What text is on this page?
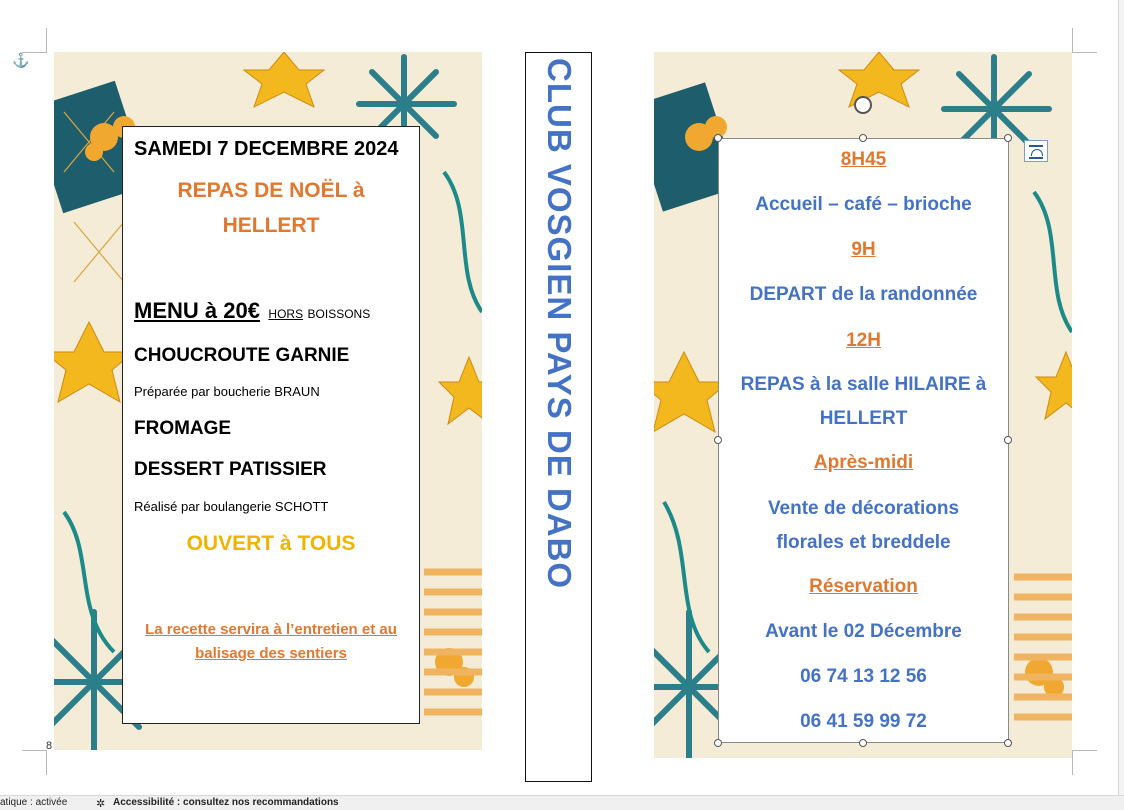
⚓
8
SAMEDI 7 DECEMBRE 2024
REPAS DE NOËL à
HELLERT
MENU à 20€ HORS BOISSONS
CHOUCROUTE GARNIE
Préparée par boucherie BRAUN
FROMAGE
DESSERT PATISSIER
Réalisé par boulangerie SCHOTT
OUVERT à TOUS
La recette servira à l’entretien et au
balisage des sentiers
CLUB VOSGIEN PAYS DE DABO	8H45
Accueil – café – brioche
9H
DEPART de la randonnée
12H
REPAS à la salle HILAIRE à
HELLERT
Après-midi
Vente de décorations
florales et breddele
Réservation
Avant le 02 Décembre
06 74 13 12 56
06 41 59 99 72
atique : activée	✲ Accessibilité : consultez nos recommandations
